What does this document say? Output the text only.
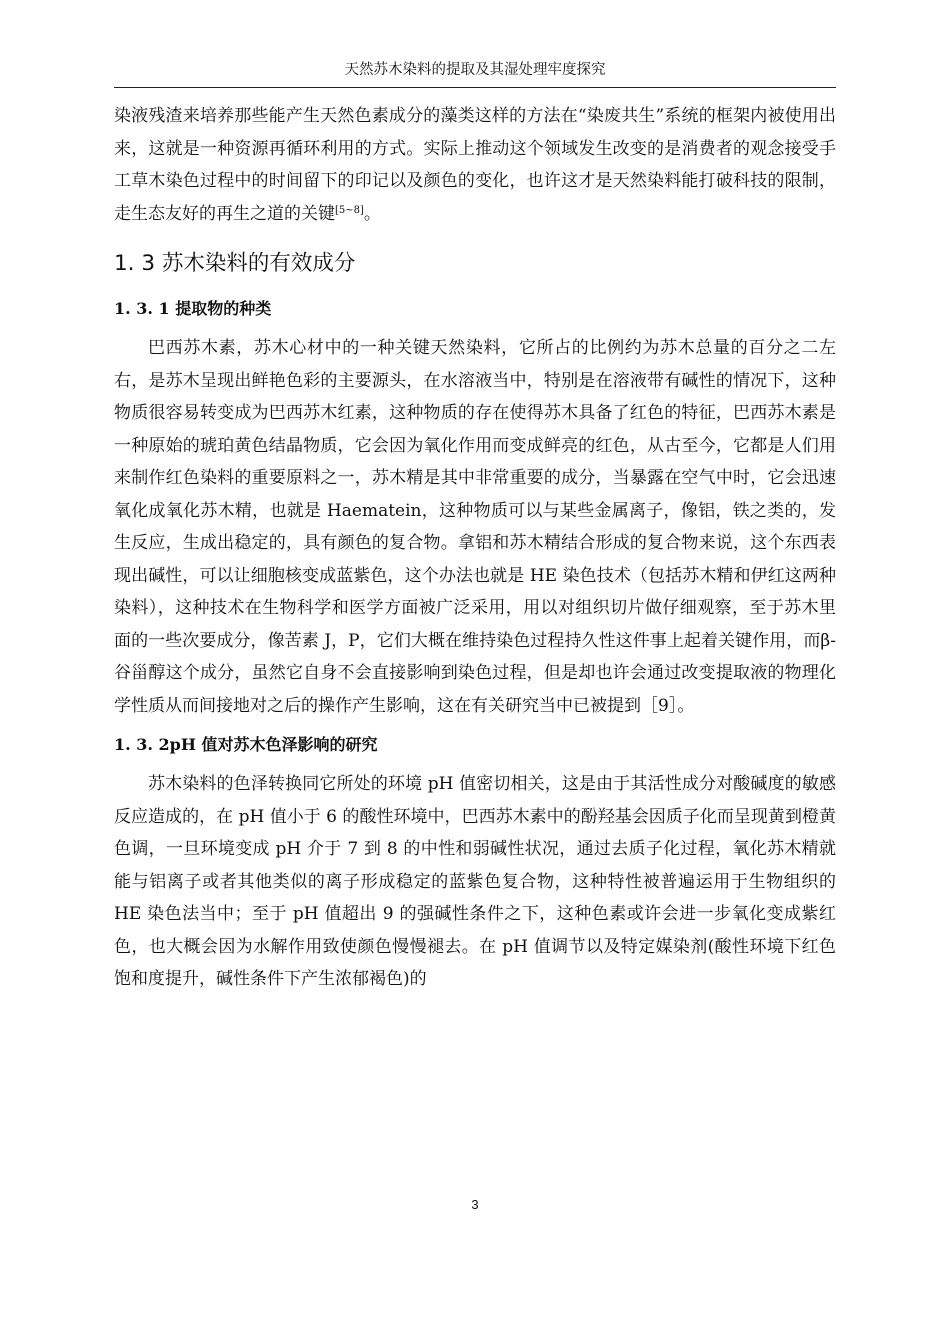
天然苏木染料的提取及其湿处理牢度探究

染液残渣来培养那些能产生天然色素成分的藻类这样的方法在“染废共生”系统的框架内被使用出来，这就是一种资源再循环利用的方式。实际上推动这个领域发生改变的是消费者的观念接受手工草木染色过程中的时间留下的印记以及颜色的变化，也许这才是天然染料能打破科技的限制，走生态友好的再生之道的关键[5~8]。

1. 3 苏木染料的有效成分
1. 3. 1 提取物的种类

巴西苏木素，苏木心材中的一种关键天然染料，它所占的比例约为苏木总量的百分之二左右，是苏木呈现出鲜艳色彩的主要源头，在水溶液当中，特别是在溶液带有碱性的情况下，这种物质很容易转变成为巴西苏木红素，这种物质的存在使得苏木具备了红色的特征，巴西苏木素是一种原始的琥珀黄色结晶物质，它会因为氧化作用而变成鲜亮的红色，从古至今，它都是人们用来制作红色染料的重要原料之一，苏木精是其中非常重要的成分，当暴露在空气中时，它会迅速氧化成氧化苏木精，也就是 Haematein，这种物质可以与某些金属离子，像铝，铁之类的，发生反应，生成出稳定的，具有颜色的复合物。拿铝和苏木精结合形成的复合物来说，这个东西表现出碱性，可以让细胞核变成蓝紫色，这个办法也就是 HE 染色技术（包括苏木精和伊红这两种染料），这种技术在生物科学和医学方面被广泛采用，用以对组织切片做仔细观察，至于苏木里面的一些次要成分，像苦素 J，P，它们大概在维持染色过程持久性这件事上起着关键作用，而β-谷甾醇这个成分，虽然它自身不会直接影响到染色过程，但是却也许会通过改变提取液的物理化学性质从而间接地对之后的操作产生影响，这在有关研究当中已被提到［9］。

1. 3. 2pH 值对苏木色泽影响的研究

苏木染料的色泽转换同它所处的环境 pH 值密切相关，这是由于其活性成分对酸碱度的敏感反应造成的，在 pH 值小于 6 的酸性环境中，巴西苏木素中的酚羟基会因质子化而呈现黄到橙黄色调，一旦环境变成 pH 介于 7 到 8 的中性和弱碱性状况，通过去质子化过程，氧化苏木精就能与铝离子或者其他类似的离子形成稳定的蓝紫色复合物，这种特性被普遍运用于生物组织的 HE 染色法当中；至于 pH 值超出 9 的强碱性条件之下，这种色素或许会进一步氧化变成紫红色，也大概会因为水解作用致使颜色慢慢褪去。在 pH 值调节以及特定媒染剂(酸性环境下红色饱和度提升，碱性条件下产生浓郁褐色)的

3
